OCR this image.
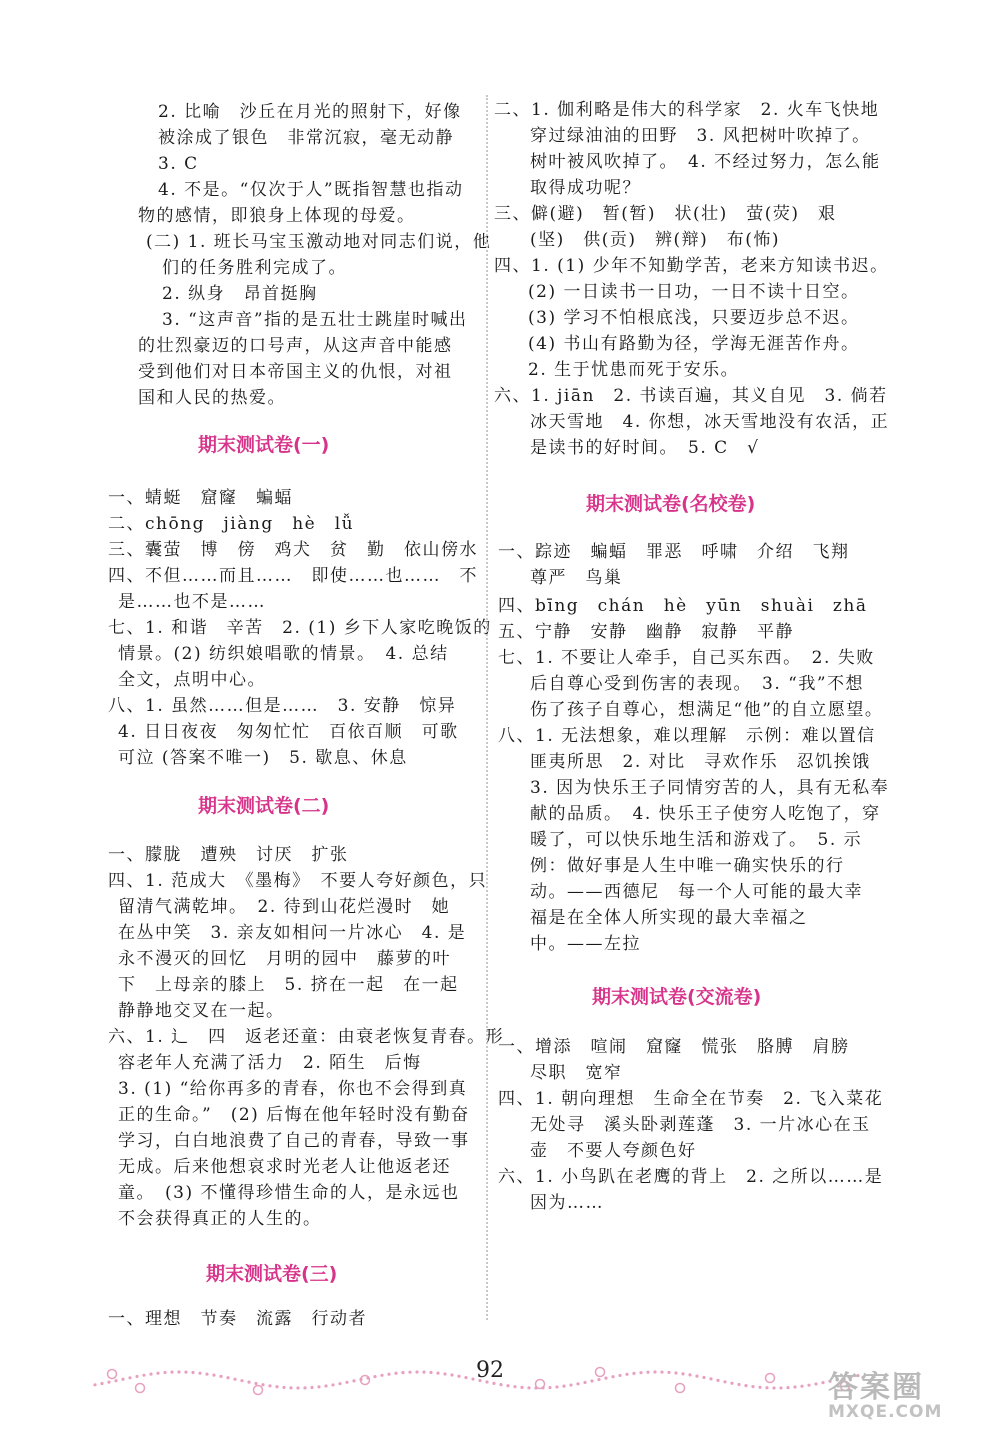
2. 比喻　沙丘在月光的照射下，好像
被涂成了银色　非常沉寂，毫无动静
3. C
4. 不是。“仅次于人”既指智慧也指动
物的感情，即狼身上体现的母爱。
(二) 1. 班长马宝玉激动地对同志们说，他
们的任务胜利完成了。
2. 纵身　昂首挺胸
3. “这声音”指的是五壮士跳崖时喊出
的壮烈豪迈的口号声，从这声音中能感
受到他们对日本帝国主义的仇恨，对祖
国和人民的热爱。
期末测试卷(一)
一、蜻蜓　窟窿　蝙蝠
二、chōng　jiàng　hè　lǚ
三、囊萤　博　傍　鸡犬　贫　勤　依山傍水
四、不但……而且……　即使……也……　不
是……也不是……
七、1. 和谐　辛苦　2. (1) 乡下人家吃晚饭的
情景。(2) 纺织娘唱歌的情景。　4. 总结
全文，点明中心。
八、1. 虽然……但是……　3. 安静　惊异
4. 日日夜夜　匆匆忙忙　百依百顺　可歌
可泣 (答案不唯一)　5. 歇息、休息
期末测试卷(二)
一、朦胧　遭殃　讨厌　扩张
四、1. 范成大　《墨梅》　不要人夸好颜色，只
留清气满乾坤。　2. 待到山花烂漫时　她
在丛中笑　3. 亲友如相问一片冰心　4. 是
永不漫灭的回忆　月明的园中　藤萝的叶
下　上母亲的膝上　5. 挤在一起　在一起
静静地交叉在一起。
六、1. 辶　四　返老还童：由衰老恢复青春。形
容老年人充满了活力　2. 陌生　后悔
3. (1) “给你再多的青春，你也不会得到真
正的生命。”　(2) 后悔在他年轻时没有勤奋
学习，白白地浪费了自己的青春，导致一事
无成。后来他想哀求时光老人让他返老还
童。　(3) 不懂得珍惜生命的人，是永远也
不会获得真正的人生的。
期末测试卷(三)
一、理想　节奏　流露　行动者
二、1. 伽利略是伟大的科学家　2. 火车飞快地
穿过绿油油的田野　3. 风把树叶吹掉了。
树叶被风吹掉了。　4. 不经过努力，怎么能
取得成功呢？
三、僻(避)　暂(暂)　状(壮)　萤(荧)　艰
(坚)　供(贡)　辨(辩)　布(怖)
四、1. (1) 少年不知勤学苦，老来方知读书迟。
(2) 一日读书一日功，一日不读十日空。
(3) 学习不怕根底浅，只要迈步总不迟。
(4) 书山有路勤为径，学海无涯苦作舟。
2. 生于忧患而死于安乐。
六、1. jiān　2. 书读百遍，其义自见　3. 倘若
冰天雪地　4. 你想，冰天雪地没有农活，正
是读书的好时间。　5. C　√
期末测试卷(名校卷)
一、踪迹　蝙蝠　罪恶　呼啸　介绍　飞翔
尊严　鸟巢
四、bīng　chán　hè　yūn　shuài　zhā
五、宁静　安静　幽静　寂静　平静
七、1. 不要让人牵手，自己买东西。　2. 失败
后自尊心受到伤害的表现。　3. “我”不想
伤了孩子自尊心，想满足“他”的自立愿望。
八、1. 无法想象，难以理解　示例：难以置信
匪夷所思　2. 对比　寻欢作乐　忍饥挨饿
3. 因为快乐王子同情穷苦的人，具有无私奉
献的品质。　4. 快乐王子使穷人吃饱了，穿
暖了，可以快乐地生活和游戏了。　5. 示
例：做好事是人生中唯一确实快乐的行
动。——西德尼　每一个人可能的最大幸
福是在全体人所实现的最大幸福之
中。——左拉
期末测试卷(交流卷)
一、增添　喧闹　窟窿　慌张　胳膊　肩膀
尽职　宽窄
四、1. 朝向理想　生命全在节奏　2. 飞入菜花
无处寻　溪头卧剥莲蓬　3. 一片冰心在玉
壶　不要人夸颜色好
六、1. 小鸟趴在老鹰的背上　2. 之所以……是
因为……
92	答案圈
MXQE.COM
